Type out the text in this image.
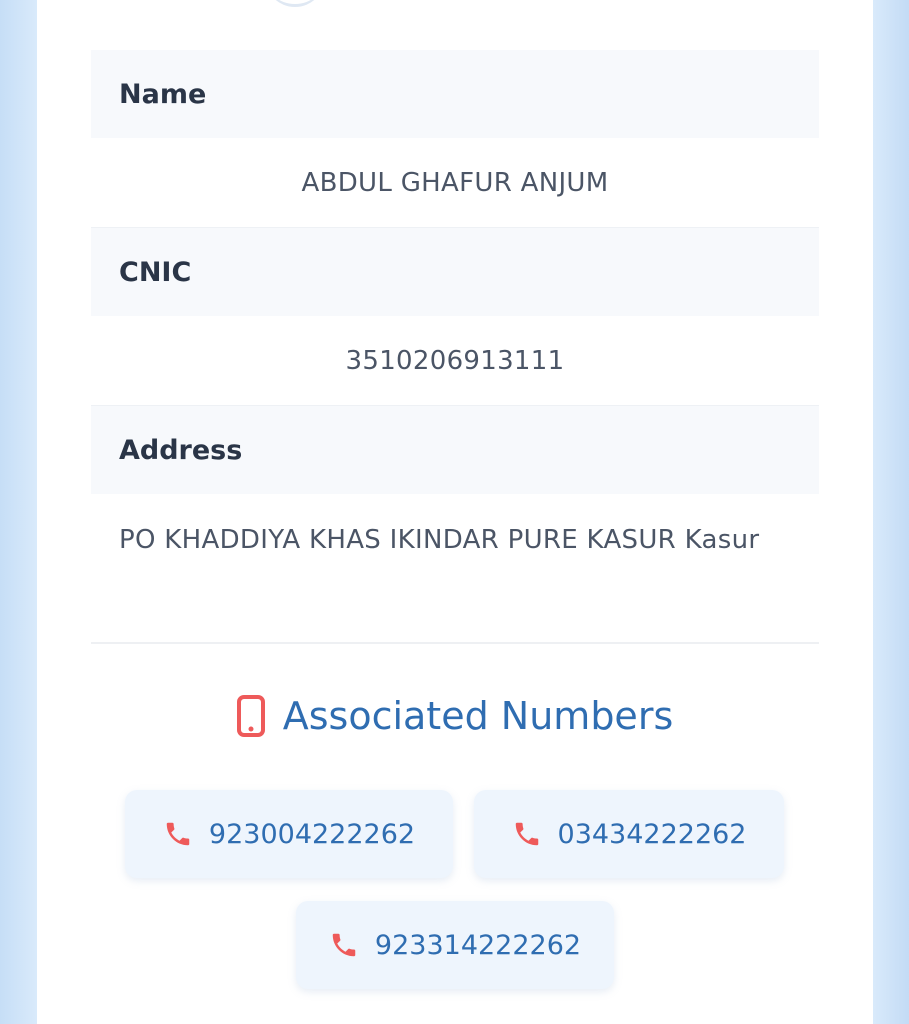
Name
ABDUL GHAFUR ANJUM
CNIC
3510206913111
Address
PO KHADDIYA KHAS IKINDAR PURE KASUR Kasur
Associated Numbers
923004222262	03434222262
923314222262
